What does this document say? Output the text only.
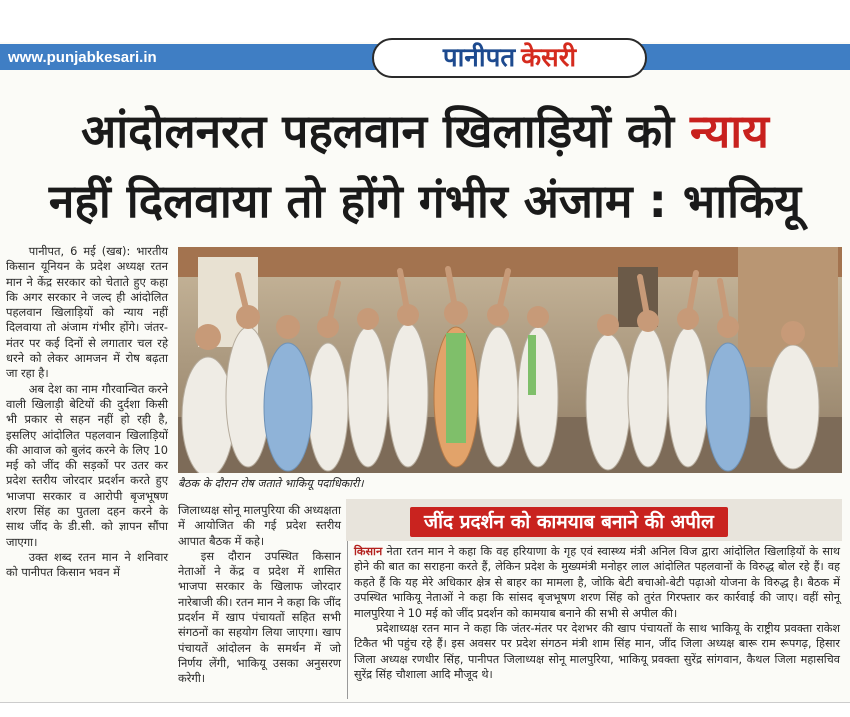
www.punjabkesari.in	पानीपत केसरी
आंदोलनरत पहलवान खिलाड़ियों को न्याय
नहीं दिलवाया तो होंगे गंभीर अंजाम : भाकियू

पानीपत, 6 मई (खब): भारतीय किसान यूनियन के प्रदेश अध्यक्ष रतन मान ने केंद्र सरकार को चेताते हुए कहा कि अगर सरकार ने जल्द ही आंदोलित पहलवान खिलाड़ियों को न्याय नहीं दिलवाया तो अंजाम गंभीर होंगे। जंतर-मंतर पर कई दिनों से लगातार चल रहे धरने को लेकर आमजन में रोष बढ़ता जा रहा है।

अब देश का नाम गौरवान्वित करने वाली खिलाड़ी बेटियों की दुर्दशा किसी भी प्रकार से सहन नहीं हो रही है, इसलिए आंदोलित पहलवान खिलाड़ियों की आवाज को बुलंद करने के लिए 10 मई को जींद की सड़कों पर उतर कर प्रदेश स्तरीय जोरदार प्रदर्शन करते हुए भाजपा सरकार व आरोपी बृजभूषण शरण सिंह का पुतला दहन करने के साथ जींद के डी.सी. को ज्ञापन सौंपा जाएगा।

उक्त शब्द रतन मान ने शनिवार को पानीपत किसान भवन में

बैठक के दौरान रोष जताते भाकियू पदाधिकारी।

जिलाध्यक्ष सोनू मालपुरिया की अध्यक्षता में आयोजित की गई प्रदेश स्तरीय आपात बैठक में कहे।

इस दौरान उपस्थित किसान नेताओं ने केंद्र व प्रदेश में शासित भाजपा सरकार के खिलाफ जोरदार नारेबाजी की। रतन मान ने कहा कि जींद प्रदर्शन में खाप पंचायतों सहित सभी संगठनों का सहयोग लिया जाएगा। खाप पंचायतें आंदोलन के समर्थन में जो निर्णय लेंगी, भाकियू उसका अनुसरण करेगी।

जींद प्रदर्शन को कामयाब बनाने की अपील

किसान नेता रतन मान ने कहा कि वह हरियाणा के गृह एवं स्वास्थ्य मंत्री अनिल विज द्वारा आंदोलित खिलाड़ियों के साथ होने की बात का सराहना करते हैं, लेकिन प्रदेश के मुख्यमंत्री मनोहर लाल आंदोलित पहलवानों के विरुद्ध बोल रहे हैं। वह कहते हैं कि यह मेरे अधिकार क्षेत्र से बाहर का मामला है, जोकि बेटी बचाओ-बेटी पढ़ाओ योजना के विरुद्ध है। बैठक में उपस्थित भाकियू नेताओं ने कहा कि सांसद बृजभूषण शरण सिंह को तुरंत गिरफ्तार कर कार्रवाई की जाए। वहीं सोनू मालपुरिया ने 10 मई को जींद प्रदर्शन को कामयाब बनाने की सभी से अपील की।

प्रदेशाध्यक्ष रतन मान ने कहा कि जंतर-मंतर पर देशभर की खाप पंचायतों के साथ भाकियू के राष्ट्रीय प्रवक्ता राकेश टिकैत भी पहुंच रहे हैं। इस अवसर पर प्रदेश संगठन मंत्री शाम सिंह मान, जींद जिला अध्यक्ष बारू राम रूपगढ़, हिसार जिला अध्यक्ष रणधीर सिंह, पानीपत जिलाध्यक्ष सोनू मालपुरिया, भाकियू प्रवक्ता सुरेंद्र सांगवान, कैथल जिला महासचिव सुरेंद्र सिंह चौशाला आदि मौजूद थे।
